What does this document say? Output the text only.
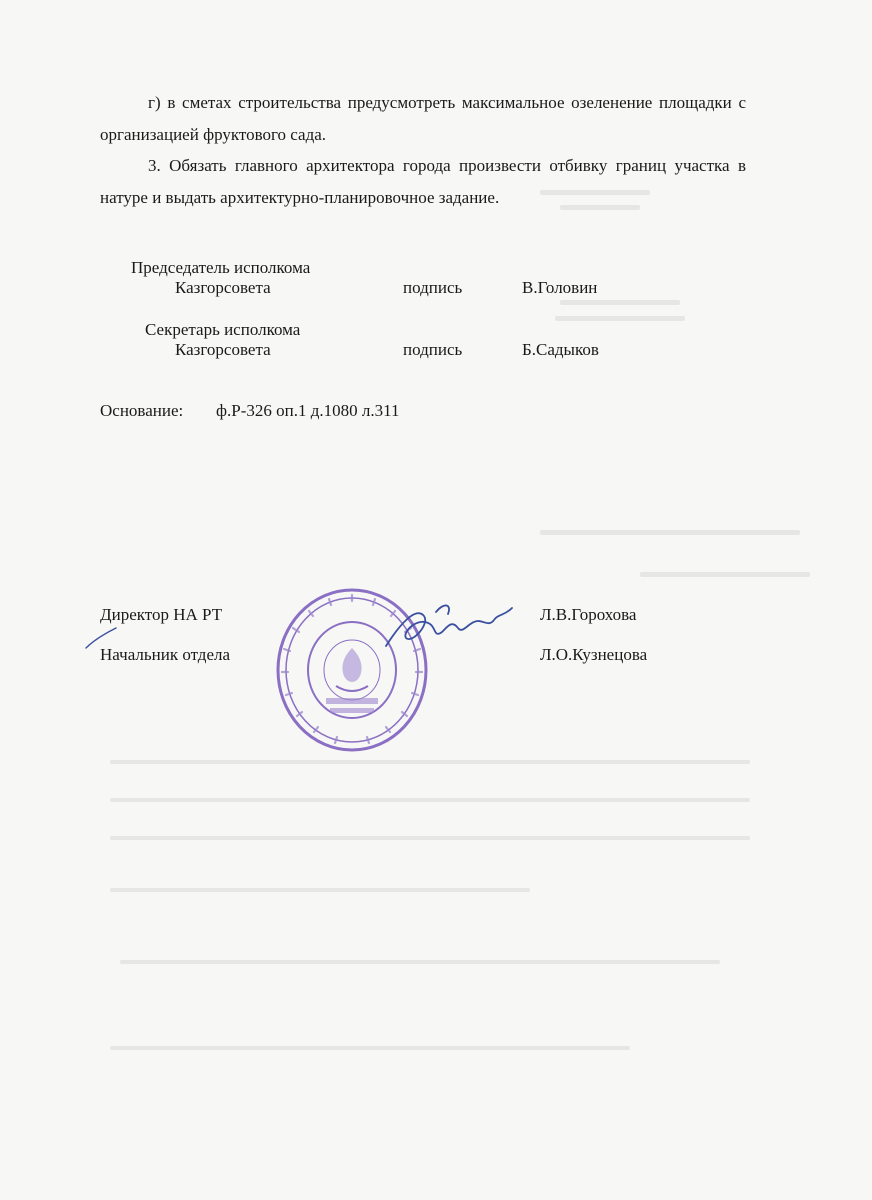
г) в сметах строительства предусмотреть максимальное озеленение площадки с организацией фруктового сада.
3. Обязать главного архитектора города произвести отбивку границ участка в натуре и выдать архитектурно-планировочное задание.
Председатель исполкома
Казгорсовета	подпись	В.Головин
Секретарь исполкома
Казгорсовета	подпись	Б.Садыков
Основание: ф.Р-326 оп.1 д.1080 л.311
Директор НА РТ	Л.В.Горохова
Начальник отдела	Л.О.Кузнецова
